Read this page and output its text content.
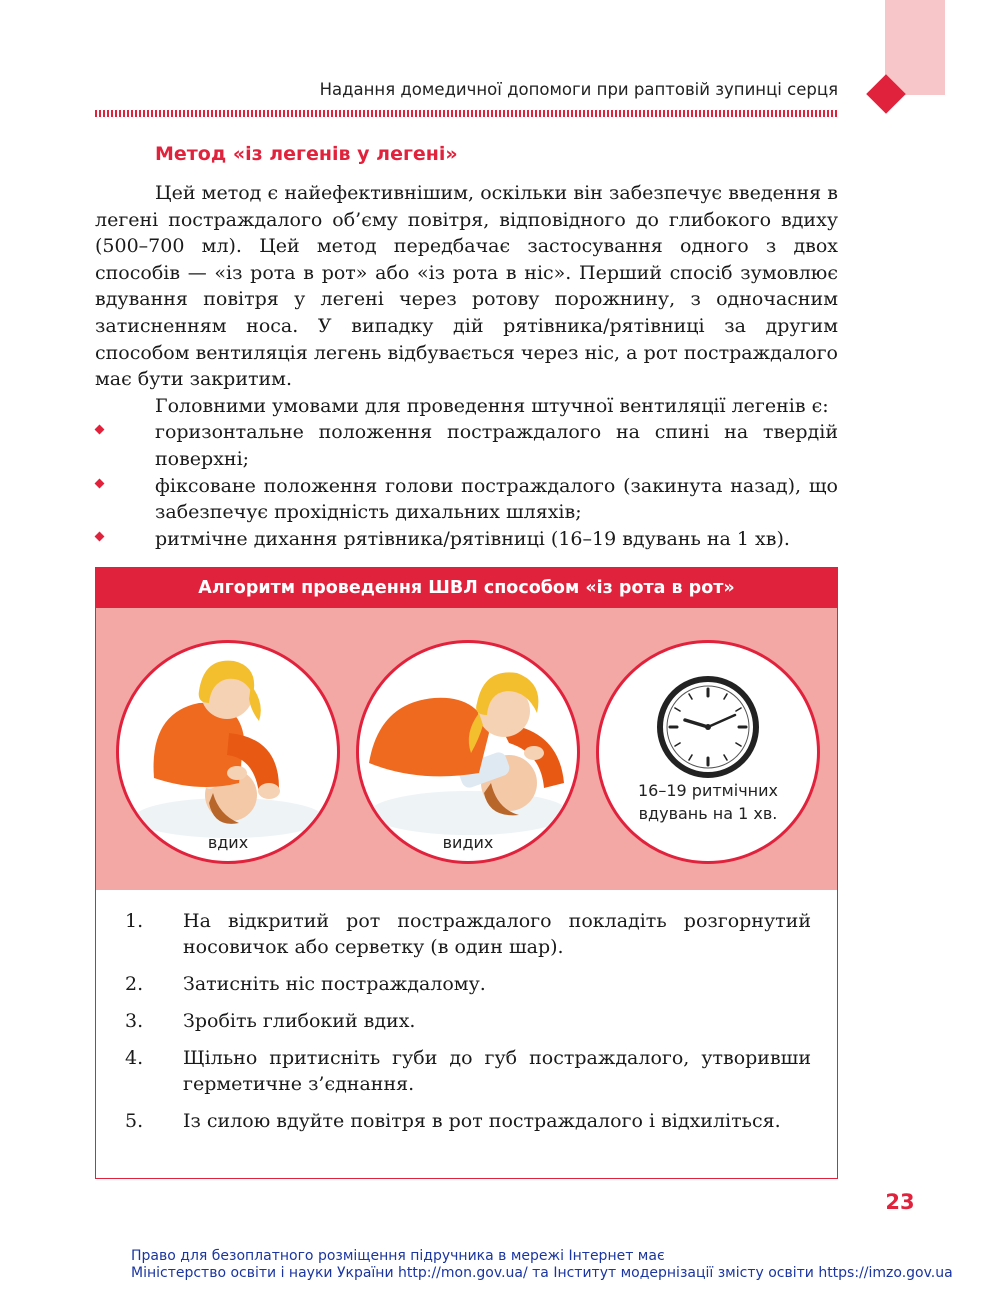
Надання домедичної допомоги при раптовій зупинці серця
Метод «із легенів у легені»

Цей метод є найефективнішим, оскільки він забезпечує введення в легені постраждалого об’єму повітря, відповідного до глибокого вдиху (500–700 мл). Цей метод передбачає застосування одного з двох способів — «із рота в рот» або «із рота в ніс». Перший спосіб зумовлює вдування повітря у легені через ротову порожнину, з одночасним затисненням носа. У випадку дій рятівника/рятівниці за другим способом вентиляція легень відбувається через ніс, а рот постраждалого має бути закритим.

Головними умовами для проведення штучної вентиляції легенів є:

горизонтальне положення постраждалого на спині на твердій поверхні;
фіксоване положення голови постраждалого (закинута назад), що забезпечує прохідність дихальних шляхів;
ритмічне дихання рятівника/рятівниці (16–19 вдувань на 1 хв).
Алгоритм проведення ШВЛ способом «із рота в рот»
вдих	видих
16–19 ритмічних
вдувань на 1 хв.
1. На відкритий рот постраждалого покладіть розгорнутий носовичок або серветку (в один шар).
2. Затисніть ніс постраждалому.
3. Зробіть глибокий вдих.
4. Щільно притисніть губи до губ постраждалого, утворивши герметичне з’єднання.
5. Із силою вдуйте повітря в рот постраждалого і відхиліться.
23
Право для безоплатного розміщення підручника в мережі Інтернет має
Міністерство освіти і науки України http://mon.gov.ua/ та Інститут модернізації змісту освіти https://imzo.gov.ua
